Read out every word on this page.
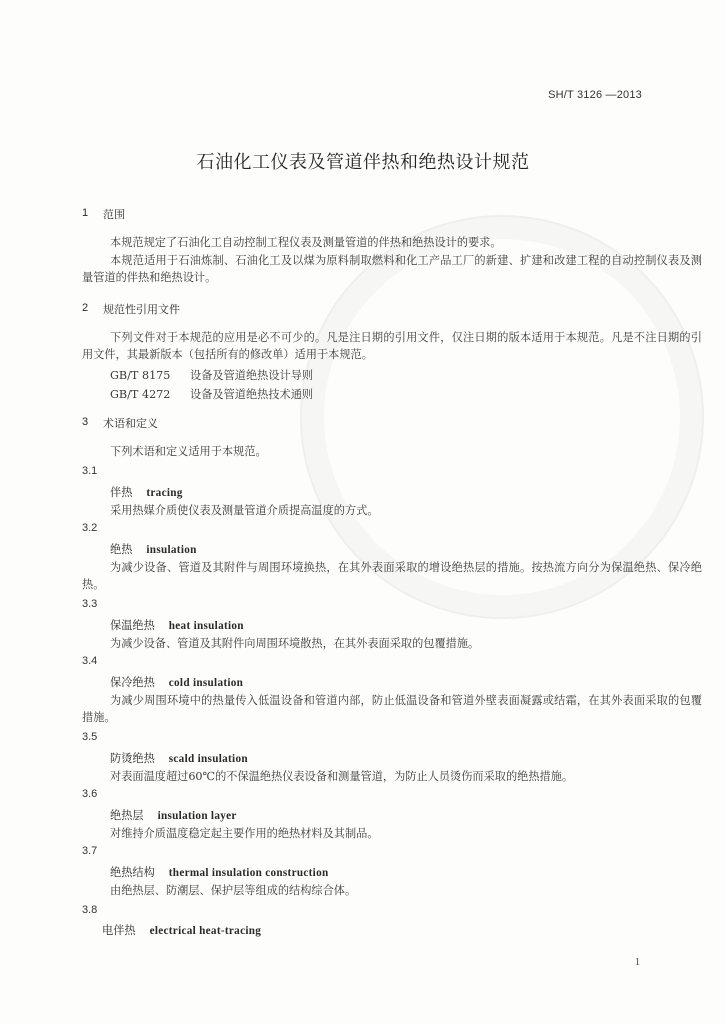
SH/T 3126 —2013
石油化工仪表及管道伴热和绝热设计规范
1 范围
本规范规定了石油化工自动控制工程仪表及测量管道的伴热和绝热设计的要求。
本规范适用于石油炼制、石油化工及以煤为原料制取燃料和化工产品工厂的新建、扩建和改建工程的自动控制仪表及测量管道的伴热和绝热设计。
2 规范性引用文件
下列文件对于本规范的应用是必不可少的。凡是注日期的引用文件，仅注日期的版本适用于本规范。凡是不注日期的引用文件，其最新版本（包括所有的修改单）适用于本规范。
GB/T 8175 设备及管道绝热设计导则
GB/T 4272 设备及管道绝热技术通则
3 术语和定义
下列术语和定义适用于本规范。
3.1
伴热 tracing
采用热媒介质使仪表及测量管道介质提高温度的方式。
3.2
绝热 insulation
为减少设备、管道及其附件与周围环境换热，在其外表面采取的增设绝热层的措施。按热流方向分为保温绝热、保冷绝热。
3.3
保温绝热 heat insulation
为减少设备、管道及其附件向周围环境散热，在其外表面采取的包覆措施。
3.4
保冷绝热 cold insulation
为减少周围环境中的热量传入低温设备和管道内部，防止低温设备和管道外壁表面凝露或结霜，在其外表面采取的包覆措施。
3.5
防烫绝热 scald insulation
对表面温度超过60℃的不保温绝热仪表设备和测量管道，为防止人员烫伤而采取的绝热措施。
3.6
绝热层 insulation layer
对维持介质温度稳定起主要作用的绝热材料及其制品。
3.7
绝热结构 thermal insulation construction
由绝热层、防潮层、保护层等组成的结构综合体。
3.8
电伴热 electrical heat-tracing
1
